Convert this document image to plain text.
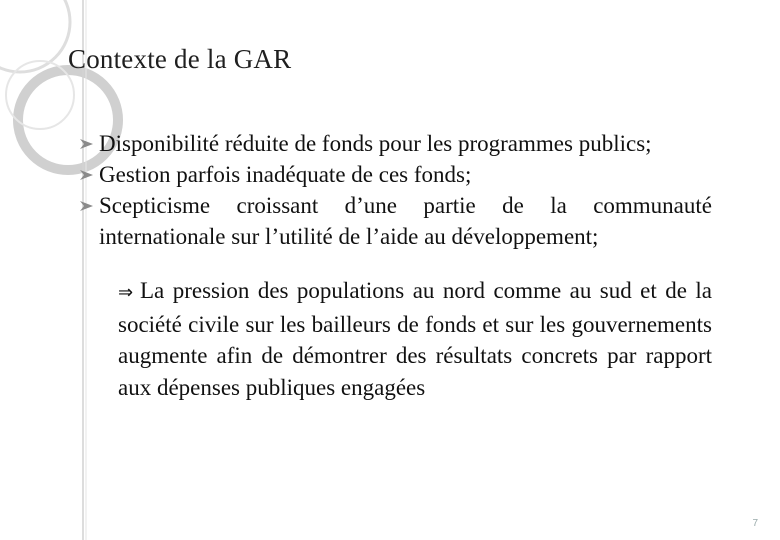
Contexte de la GAR

Disponibilité réduite de fonds pour les programmes publics;

Gestion parfois inadéquate de ces fonds;

Scepticisme croissant d’une partie de la communauté internationale sur l’utilité de l’aide au développement;

⇒ La pression des populations au nord comme au sud et de la société civile sur les bailleurs de fonds et sur les gouvernements augmente afin de démontrer des résultats concrets par rapport aux dépenses publiques engagées

7
